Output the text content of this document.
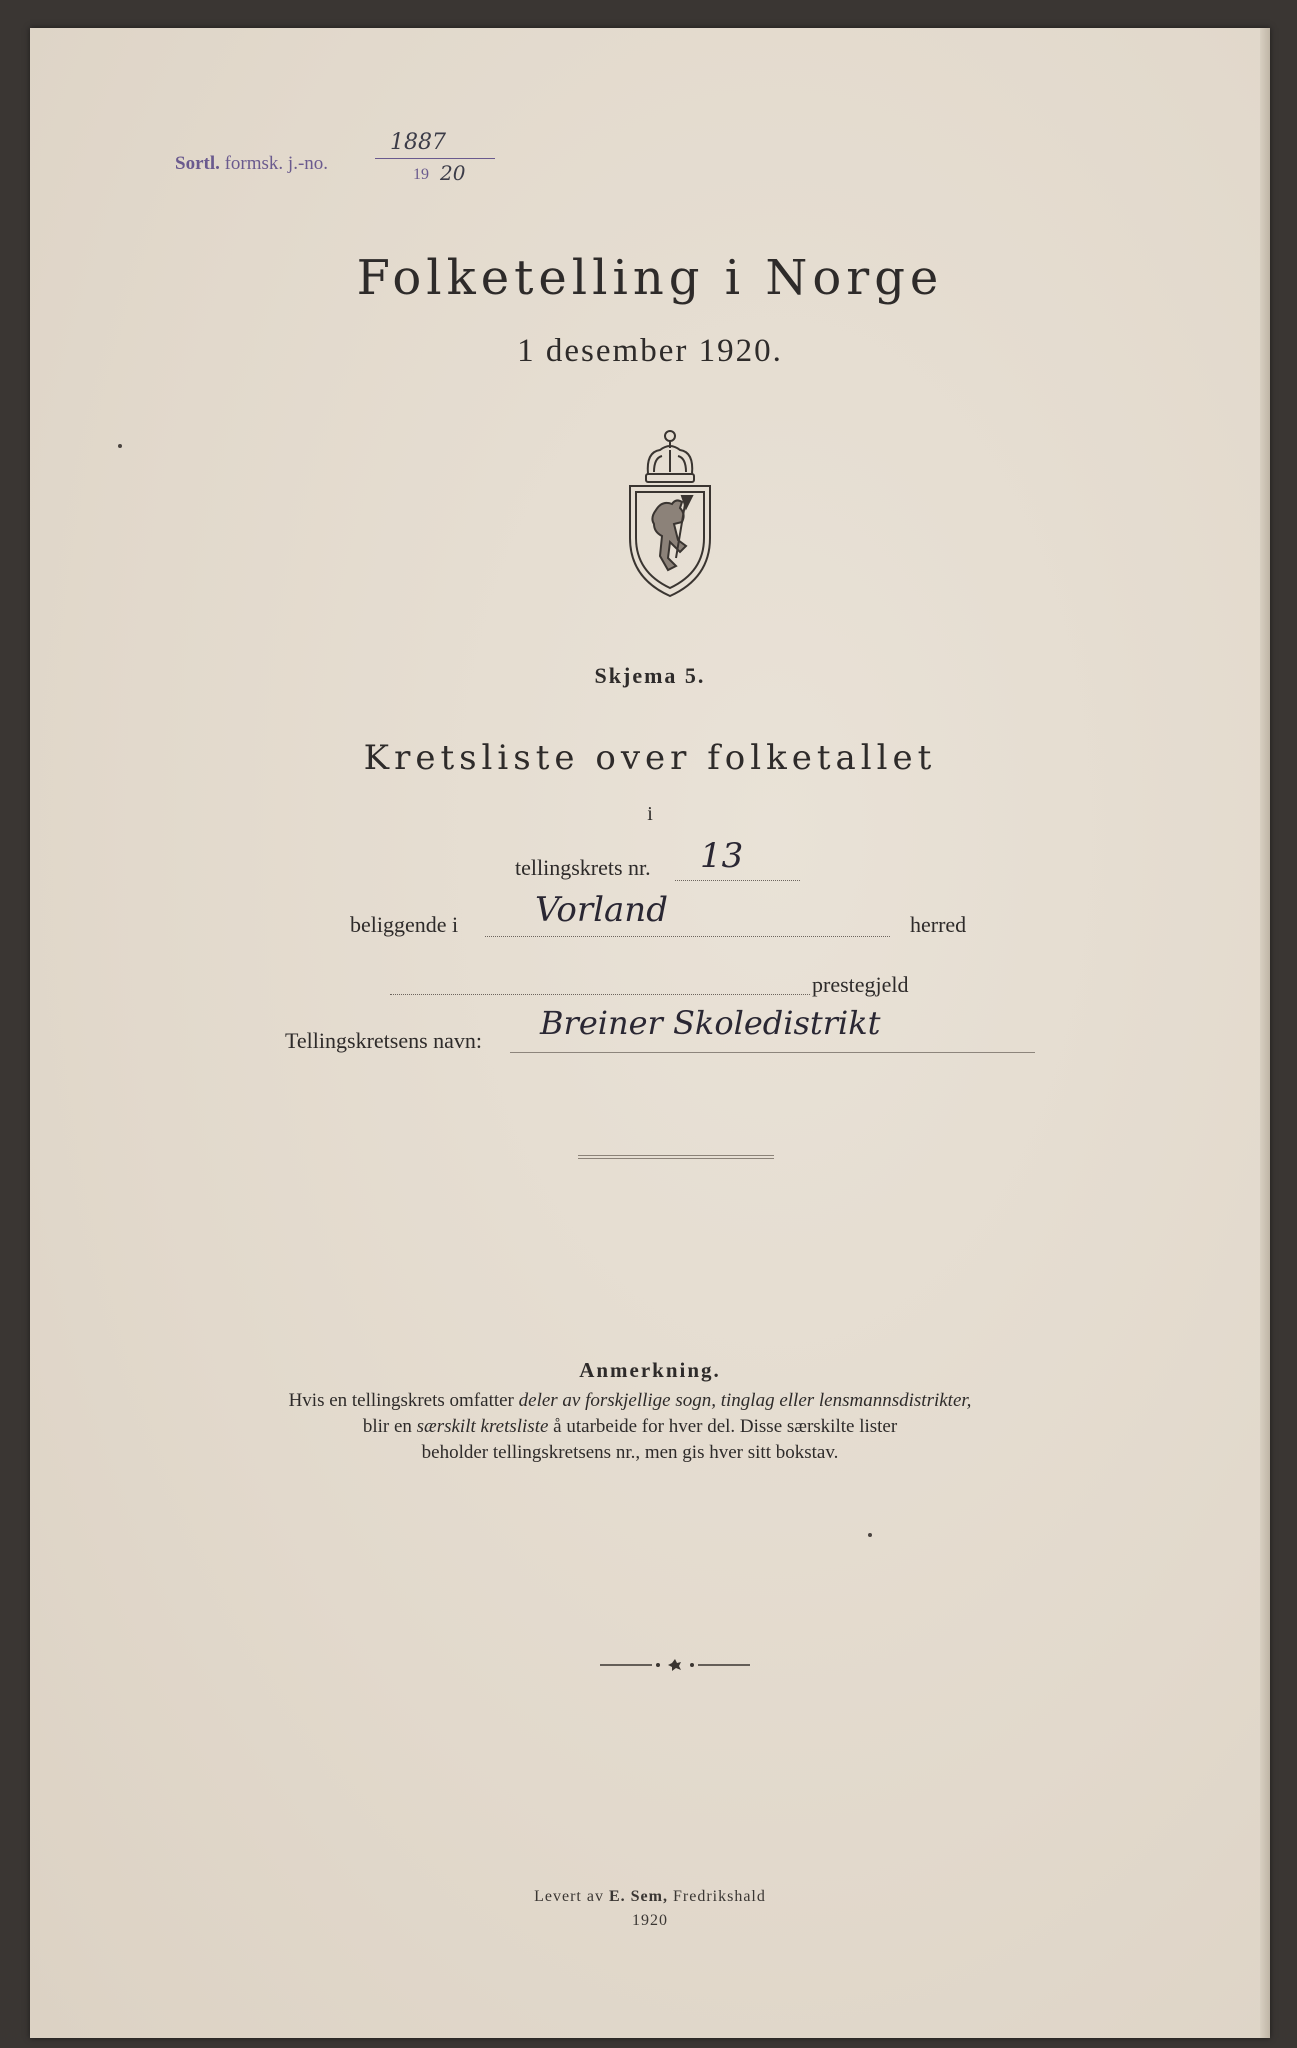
Sortl. formsk. j.-no.
1887
19 20
Folketelling i Norge
1 desember 1920.
Skjema 5.
Kretsliste over folketallet
i
tellingskrets nr. 13
beliggende i Vorland	herred
prestegjeld
Tellingskretsens navn: Breiner Skoledistrikt
Anmerkning.
Hvis en tellingskrets omfatter deler av forskjellige sogn, tinglag eller lensmannsdistrikter,
blir en særskilt kretsliste å utarbeide for hver del. Disse særskilte lister
beholder tellingskretsens nr., men gis hver sitt bokstav.
Levert av E. Sem, Fredrikshald
1920
